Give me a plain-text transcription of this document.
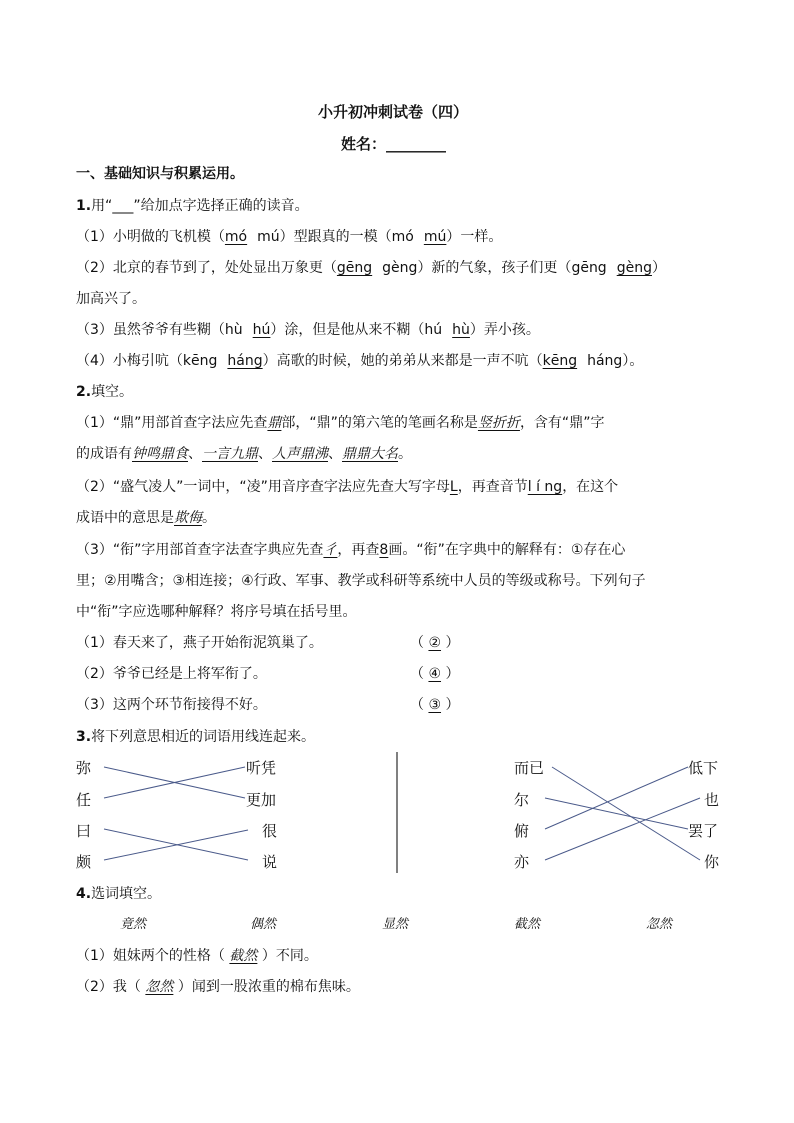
小升初冲刺试卷（四）
姓名：________
一、基础知识与积累运用。
1.用“___”给加点字选择正确的读音。
（1）小明做的飞机模（mó mú）型跟真的一模（mó mú）一样。
（2）北京的春节到了，处处显出万象更（gēng gèng）新的气象，孩子们更（gēng gèng）
加高兴了。
（3）虽然爷爷有些糊（hù hú）涂，但是他从来不糊（hú hù）弄小孩。
（4）小梅引吭（kēng háng）高歌的时候，她的弟弟从来都是一声不吭（kēng háng）。
2.填空。
（1）“鼎”用部首查字法应先查鼎部，“鼎”的第六笔的笔画名称是竖折折，含有“鼎”字
的成语有钟鸣鼎食、一言九鼎、人声鼎沸、鼎鼎大名。
（2）“盛气凌人”一词中，“凌”用音序查字法应先查大写字母L，再查音节l í ng，在这个
成语中的意思是欺侮。
（3）“衔”字用部首查字法查字典应先查彳，再查8画。“衔”在字典中的解释有：①存在心
里；②用嘴含；③相连接；④行政、军事、教学或科研等系统中人员的等级或称号。下列句子
中“衔”字应选哪种解释？将序号填在括号里。
（1）春天来了，燕子开始衔泥筑巢了。	（ ② ）
（2）爷爷已经是上将军衔了。	（ ④ ）
（3）这两个环节衔接得不好。	（ ③ ）
3.将下列意思相近的词语用线连起来。
弥
任
曰
颇
听凭
更加
很
说
而已
尔
俯
亦
低下
也
罢了
你
4.选词填空。
竟然	偶然	显然	截然	忽然
（1）姐妹两个的性格（ 截然 ）不同。
（2）我（ 忽然 ）闻到一股浓重的棉布焦味。
